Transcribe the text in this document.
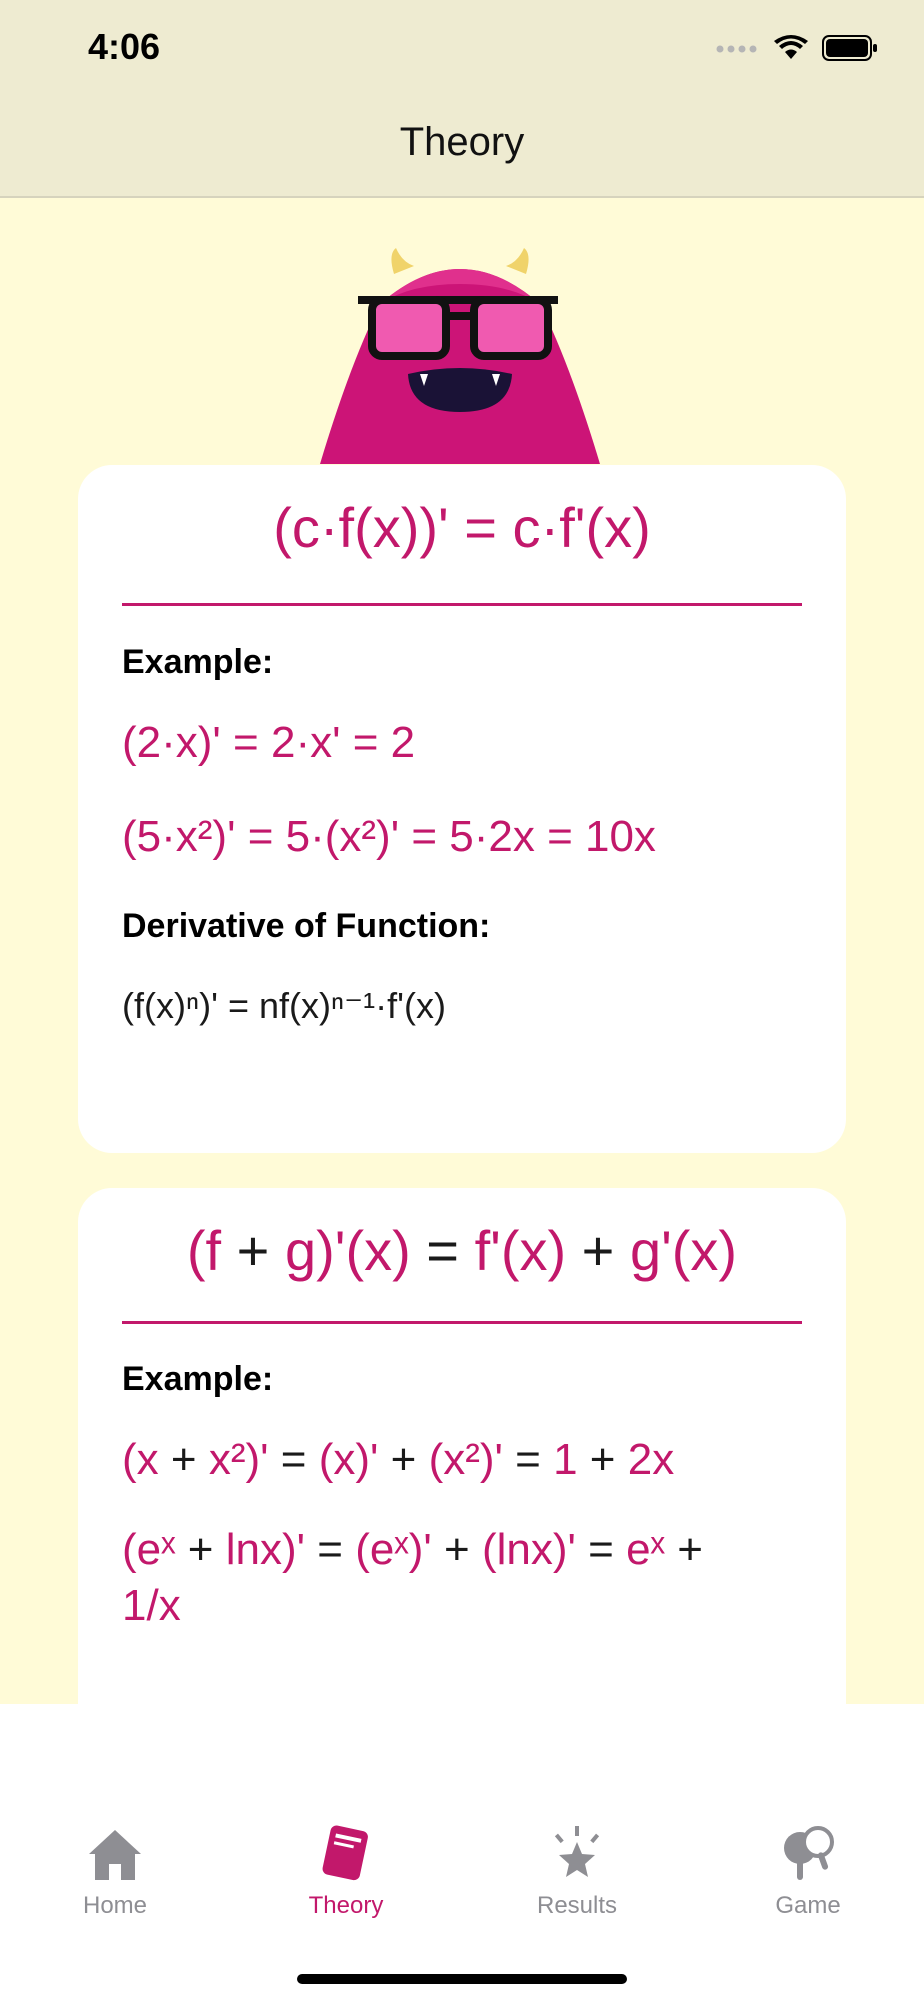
4:06
Theory
(c·f(x))' = c·f'(x)
Example:
(2·x)' = 2·x' = 2
(5·x²)' = 5·(x²)' = 5·2x = 10x
Derivative of Function:
(f(x)ⁿ)' = nf(x)ⁿ⁻¹·f'(x)
(f + g)'(x) = f'(x) + g'(x)
Example:
(x + x²)' = (x)' + (x²)' = 1 + 2x
(eˣ + lnx)' = (eˣ)' + (lnx)' = eˣ + 1/x
Home	Theory	Results	Game
